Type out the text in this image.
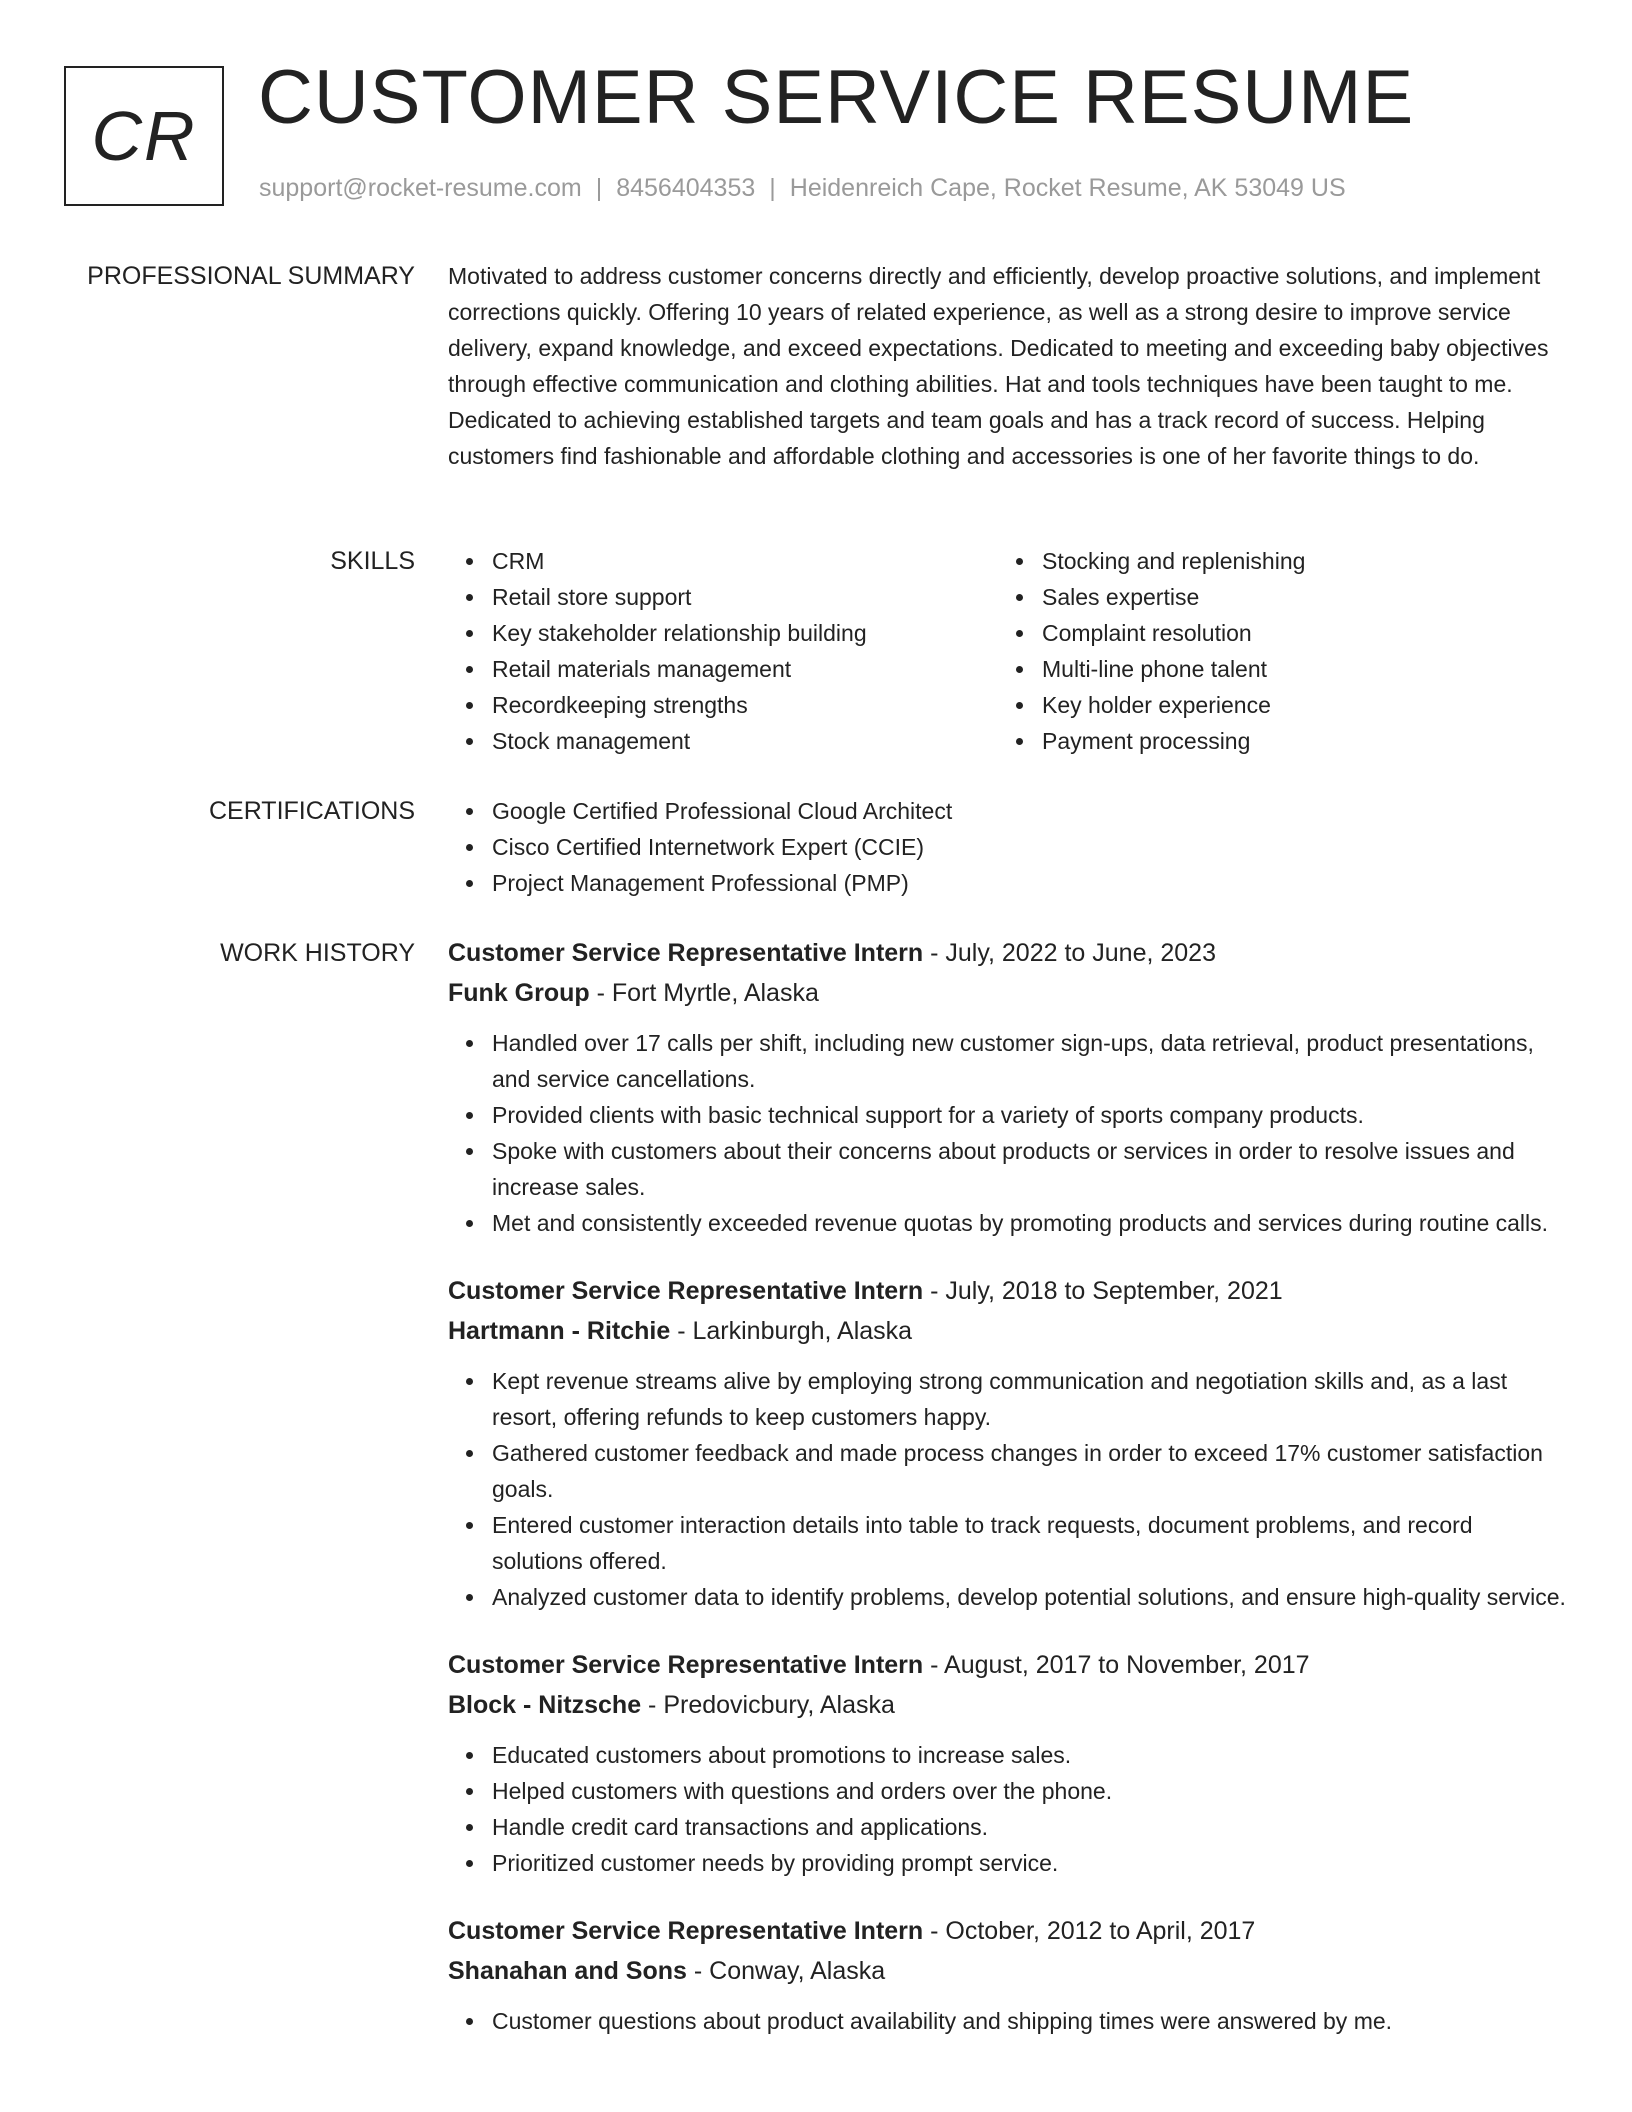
CR CUSTOMER SERVICE RESUME
support@rocket-resume.com | 8456404353 | Heidenreich Cape, Rocket Resume, AK 53049 US
PROFESSIONAL SUMMARY Motivated to address customer concerns directly and efficiently, develop proactive solutions, and implement corrections quickly. Offering 10 years of related experience, as well as a strong desire to improve service delivery, expand knowledge, and exceed expectations. Dedicated to meeting and exceeding baby objectives through effective communication and clothing abilities. Hat and tools techniques have been taught to me. Dedicated to achieving established targets and team goals and has a track record of success. Helping customers find fashionable and affordable clothing and accessories is one of her favorite things to do.

SKILLS	CRM
Retail store support
Key stakeholder relationship building
Retail materials management
Recordkeeping strengths
Stock management
Stocking and replenishing
Sales expertise
Complaint resolution
Multi-line phone talent
Key holder experience
Payment processing
CERTIFICATIONS	Google Certified Professional Cloud Architect
Cisco Certified Internetwork Expert (CCIE)
Project Management Professional (PMP)
WORK HISTORY Customer Service Representative Intern - July, 2022 to June, 2023
Funk Group - Fort Myrtle, Alaska
Handled over 17 calls per shift, including new customer sign-ups, data retrieval, product presentations, and service cancellations.
Provided clients with basic technical support for a variety of sports company products.
Spoke with customers about their concerns about products or services in order to resolve issues and increase sales.
Met and consistently exceeded revenue quotas by promoting products and services during routine calls.
Customer Service Representative Intern - July, 2018 to September, 2021
Hartmann - Ritchie - Larkinburgh, Alaska
Kept revenue streams alive by employing strong communication and negotiation skills and, as a last resort, offering refunds to keep customers happy.
Gathered customer feedback and made process changes in order to exceed 17% customer satisfaction goals.
Entered customer interaction details into table to track requests, document problems, and record solutions offered.
Analyzed customer data to identify problems, develop potential solutions, and ensure high-quality service.
Customer Service Representative Intern - August, 2017 to November, 2017
Block - Nitzsche - Predovicbury, Alaska
Educated customers about promotions to increase sales.
Helped customers with questions and orders over the phone.
Handle credit card transactions and applications.
Prioritized customer needs by providing prompt service.
Customer Service Representative Intern - October, 2012 to April, 2017
Shanahan and Sons - Conway, Alaska
Customer questions about product availability and shipping times were answered by me.
